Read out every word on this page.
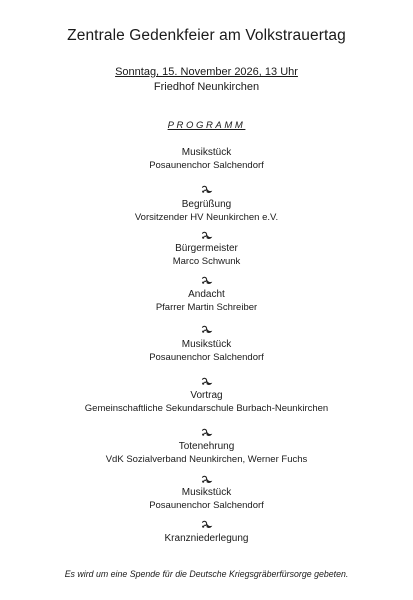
Zentrale Gedenkfeier am Volkstrauertag
Sonntag, 15. November 2026, 13 Uhr
Friedhof Neunkirchen
PROGRAMM
Musikstück
Posaunenchor Salchendorf
Begrüßung
Vorsitzender HV Neunkirchen e.V.
Bürgermeister
Marco Schwunk
Andacht
Pfarrer Martin Schreiber
Musikstück
Posaunenchor Salchendorf
Vortrag
Gemeinschaftliche Sekundarschule Burbach-Neunkirchen
Totenehrung
VdK Sozialverband Neunkirchen, Werner Fuchs
Musikstück
Posaunenchor Salchendorf
Kranzniederlegung
Es wird um eine Spende für die Deutsche Kriegsgräberfürsorge gebeten.
